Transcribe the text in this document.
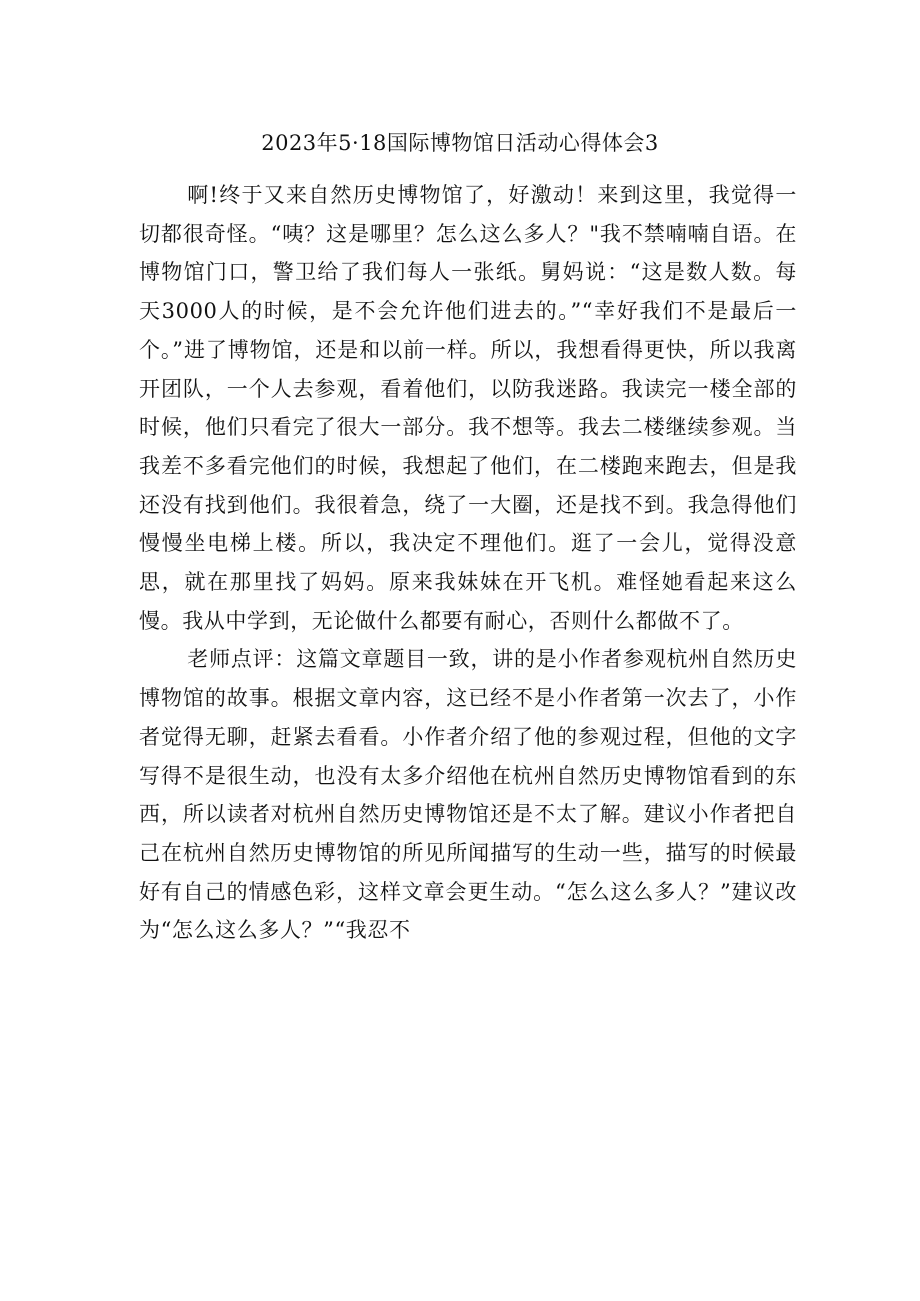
2023年5·18国际博物馆日活动心得体会3

啊!终于又来自然历史博物馆了，好激动！来到这里，我觉得一切都很奇怪。“咦？这是哪里？怎么这么多人？"我不禁喃喃自语。在博物馆门口，警卫给了我们每人一张纸。舅妈说：“这是数人数。每天3000人的时候，是不会允许他们进去的。”“幸好我们不是最后一个。”进了博物馆，还是和以前一样。所以，我想看得更快，所以我离开团队，一个人去参观，看着他们，以防我迷路。我读完一楼全部的时候，他们只看完了很大一部分。我不想等。我去二楼继续参观。当我差不多看完他们的时候，我想起了他们，在二楼跑来跑去，但是我还没有找到他们。我很着急，绕了一大圈，还是找不到。我急得他们慢慢坐电梯上楼。所以，我决定不理他们。逛了一会儿，觉得没意思，就在那里找了妈妈。原来我妹妹在开飞机。难怪她看起来这么慢。我从中学到，无论做什么都要有耐心，否则什么都做不了。

老师点评：这篇文章题目一致，讲的是小作者参观杭州自然历史博物馆的故事。根据文章内容，这已经不是小作者第一次去了，小作者觉得无聊，赶紧去看看。小作者介绍了他的参观过程，但他的文字写得不是很生动，也没有太多介绍他在杭州自然历史博物馆看到的东西，所以读者对杭州自然历史博物馆还是不太了解。建议小作者把自己在杭州自然历史博物馆的所见所闻描写的生动一些，描写的时候最好有自己的情感色彩，这样文章会更生动。“怎么这么多人？”建议改为“怎么这么多人？”“我忍不
